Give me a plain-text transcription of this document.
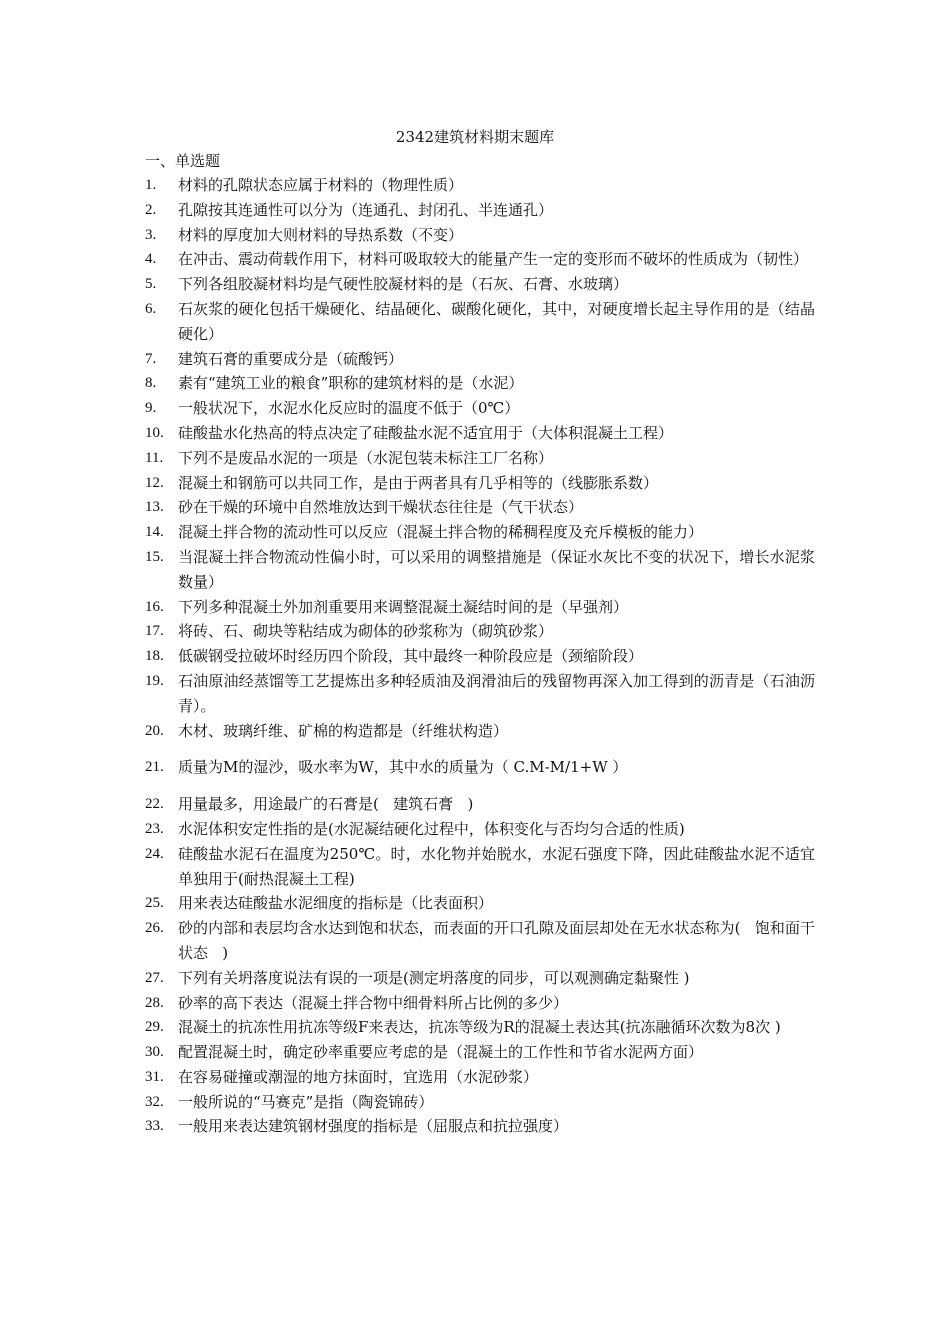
2342建筑材料期末题库
一、单选题
1.	材料的孔隙状态应属于材料的（物理性质）
2.	孔隙按其连通性可以分为（连通孔、封闭孔、半连通孔）
3.	材料的厚度加大则材料的导热系数（不变）
4.	在冲击、震动荷载作用下，材料可吸取较大的能量产生一定的变形而不破坏的性质成为（韧性）
5.	下列各组胶凝材料均是气硬性胶凝材料的是（石灰、石膏、水玻璃）
6.	石灰浆的硬化包括干燥硬化、结晶硬化、碳酸化硬化，其中，对硬度增长起主导作用的是（结晶硬化）
7.	建筑石膏的重要成分是（硫酸钙）
8.	素有“建筑工业的粮食”职称的建筑材料的是（水泥）
9.	一般状况下，水泥水化反应时的温度不低于（0℃）
10. 硅酸盐水化热高的特点决定了硅酸盐水泥不适宜用于（大体积混凝土工程）
11. 下列不是废品水泥的一项是（水泥包装未标注工厂名称）
12. 混凝土和钢筋可以共同工作，是由于两者具有几乎相等的（线膨胀系数）
13. 砂在干燥的环境中自然堆放达到干燥状态往往是（气干状态）
14. 混凝土拌合物的流动性可以反应（混凝土拌合物的稀稠程度及充斥模板的能力）
15. 当混凝土拌合物流动性偏小时，可以采用的调整措施是（保证水灰比不变的状况下，增长水泥浆数量）
16. 下列多种混凝土外加剂重要用来调整混凝土凝结时间的是（早强剂）
17. 将砖、石、砌块等粘结成为砌体的砂浆称为（砌筑砂浆）
18. 低碳钢受拉破坏时经历四个阶段，其中最终一种阶段应是（颈缩阶段）
19. 石油原油经蒸馏等工艺提炼出多种轻质油及润滑油后的残留物再深入加工得到的沥青是（石油沥青）。
20. 木材、玻璃纤维、矿棉的构造都是（纤维状构造）
21. 质量为M的湿沙，吸水率为W，其中水的质量为（ C.M-M/1+W ）
22. 用量最多，用途最广的石膏是(   建筑石膏   )
23. 水泥体积安定性指的是(水泥凝结硬化过程中，体积变化与否均匀合适的性质)
24. 硅酸盐水泥石在温度为250℃。时，水化物并始脱水，水泥石强度下降，因此硅酸盐水泥不适宜单独用于(耐热混凝土工程)
25. 用来表达硅酸盐水泥细度的指标是（比表面积）
26. 砂的内部和表层均含水达到饱和状态，而表面的开口孔隙及面层却处在无水状态称为(   饱和面干状态   )
27. 下列有关坍落度说法有误的一项是(测定坍落度的同步，可以观测确定黏聚性 )
28. 砂率的高下表达（混凝土拌合物中细骨料所占比例的多少）
29. 混凝土的抗冻性用抗冻等级F来表达，抗冻等级为R的混凝土表达其(抗冻融循环次数为8次 )
30. 配置混凝土时，确定砂率重要应考虑的是（混凝土的工作性和节省水泥两方面）
31. 在容易碰撞或潮湿的地方抹面时，宜选用（水泥砂浆）
32. 一般所说的“马赛克”是指（陶瓷锦砖）
33. 一般用来表达建筑钢材强度的指标是（屈服点和抗拉强度）
